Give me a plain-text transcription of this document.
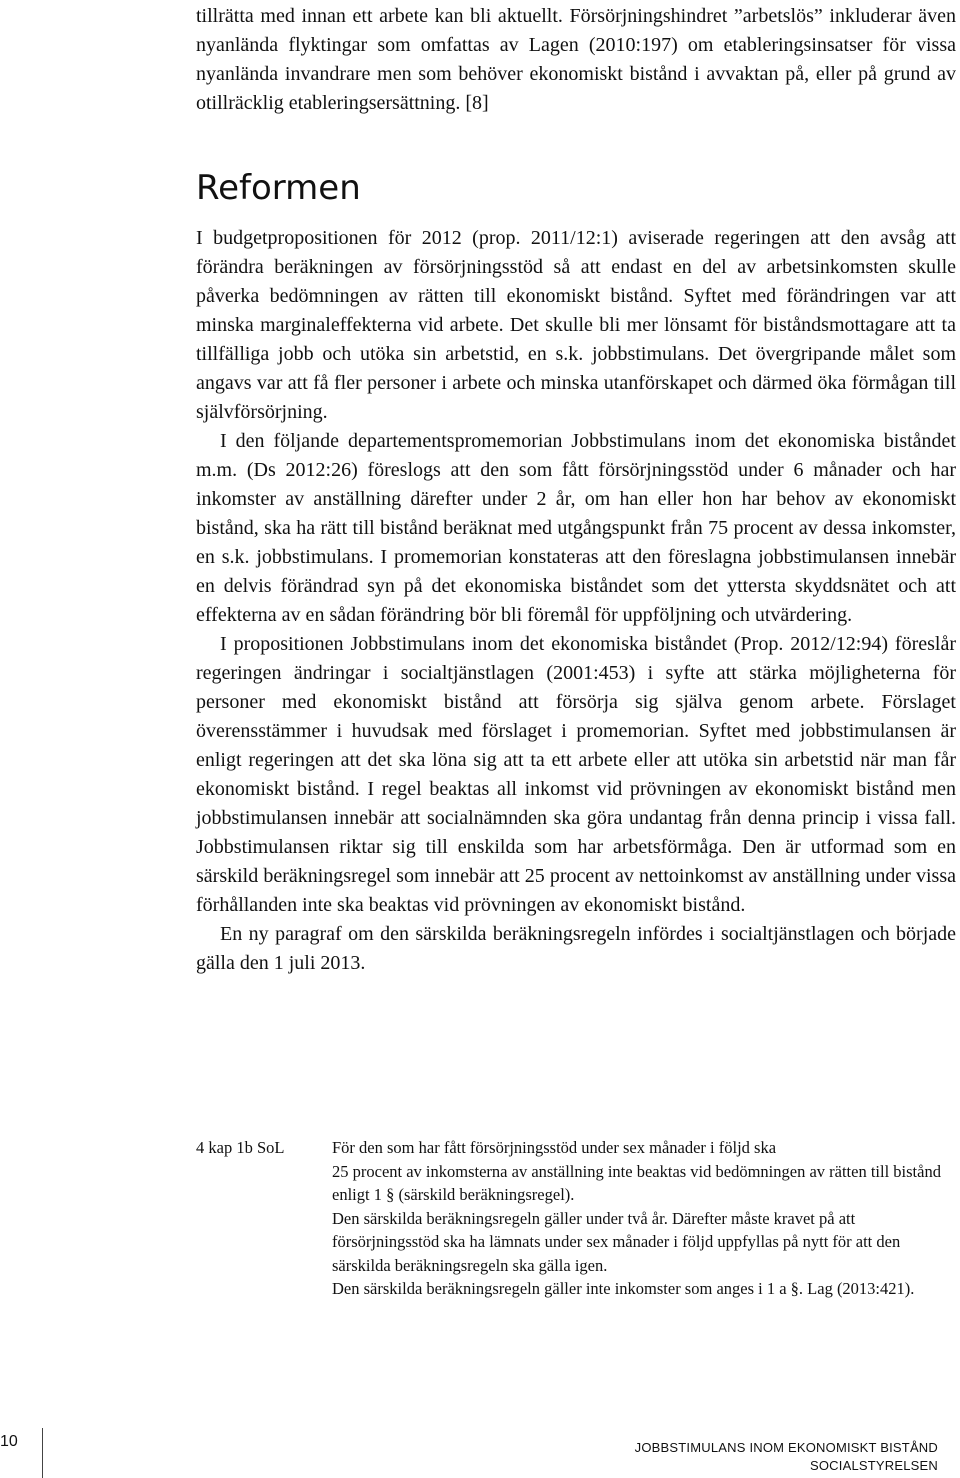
tillrätta med innan ett arbete kan bli aktuellt. Försörjningshindret ”arbetslös” inkluderar även nyanlända flyktingar som omfattas av Lagen (2010:197) om etableringsinsatser för vissa nyanlända invandrare men som behöver ekonomiskt bistånd i avvaktan på, eller på grund av otillräcklig etableringsersättning. [8]

Reformen

I budgetpropositionen för 2012 (prop. 2011/12:1) aviserade regeringen att den avsåg att förändra beräkningen av försörjningsstöd så att endast en del av arbetsinkomsten skulle påverka bedömningen av rätten till ekonomiskt bistånd. Syftet med förändringen var att minska marginaleffekterna vid arbete. Det skulle bli mer lönsamt för biståndsmottagare att ta tillfälliga jobb och utöka sin arbetstid, en s.k. jobbstimulans. Det övergripande målet som angavs var att få fler personer i arbete och minska utanförskapet och därmed öka förmågan till självförsörjning.

I den följande departementspromemorian Jobbstimulans inom det ekonomiska biståndet m.m. (Ds 2012:26) föreslogs att den som fått försörjningsstöd under 6 månader och har inkomster av anställning därefter under 2 år, om han eller hon har behov av ekonomiskt bistånd, ska ha rätt till bistånd beräknat med utgångspunkt från 75 procent av dessa inkomster, en s.k. jobbstimulans. I promemorian konstateras att den föreslagna jobbstimulansen innebär en delvis förändrad syn på det ekonomiska biståndet som det yttersta skyddsnätet och att effekterna av en sådan förändring bör bli föremål för uppföljning och utvärdering.

I propositionen Jobbstimulans inom det ekonomiska biståndet (Prop. 2012/12:94) föreslår regeringen ändringar i socialtjänstlagen (2001:453) i syfte att stärka möjligheterna för personer med ekonomiskt bistånd att försörja sig själva genom arbete. Förslaget överensstämmer i huvudsak med förslaget i promemorian. Syftet med jobbstimulansen är enligt regeringen att det ska löna sig att ta ett arbete eller att utöka sin arbetstid när man får ekonomiskt bistånd. I regel beaktas all inkomst vid prövningen av ekonomiskt bistånd men jobbstimulansen innebär att socialnämnden ska göra undantag från denna princip i vissa fall. Jobbstimulansen riktar sig till enskilda som har arbetsförmåga. Den är utformad som en särskild beräkningsregel som innebär att 25 procent av nettoinkomst av anställning under vissa förhållanden inte ska beaktas vid prövningen av ekonomiskt bistånd.

En ny paragraf om den särskilda beräkningsregeln infördes i socialtjänstlagen och började gälla den 1 juli 2013.

4 kap 1b SoL	För den som har fått försörjningsstöd under sex månader i följd ska

25 procent av inkomsterna av anställning inte beaktas vid bedömningen av rätten till bistånd enligt 1 § (särskild beräkningsregel).

Den särskilda beräkningsregeln gäller under två år. Därefter måste kravet på att försörjningsstöd ska ha lämnats under sex månader i följd uppfyllas på nytt för att den särskilda beräkningsregeln ska gälla igen.

Den särskilda beräkningsregeln gäller inte inkomster som anges i 1 a §. Lag (2013:421).

10	JOBBSTIMULANS INOM EKONOMISKT BISTÅND
SOCIALSTYRELSEN
